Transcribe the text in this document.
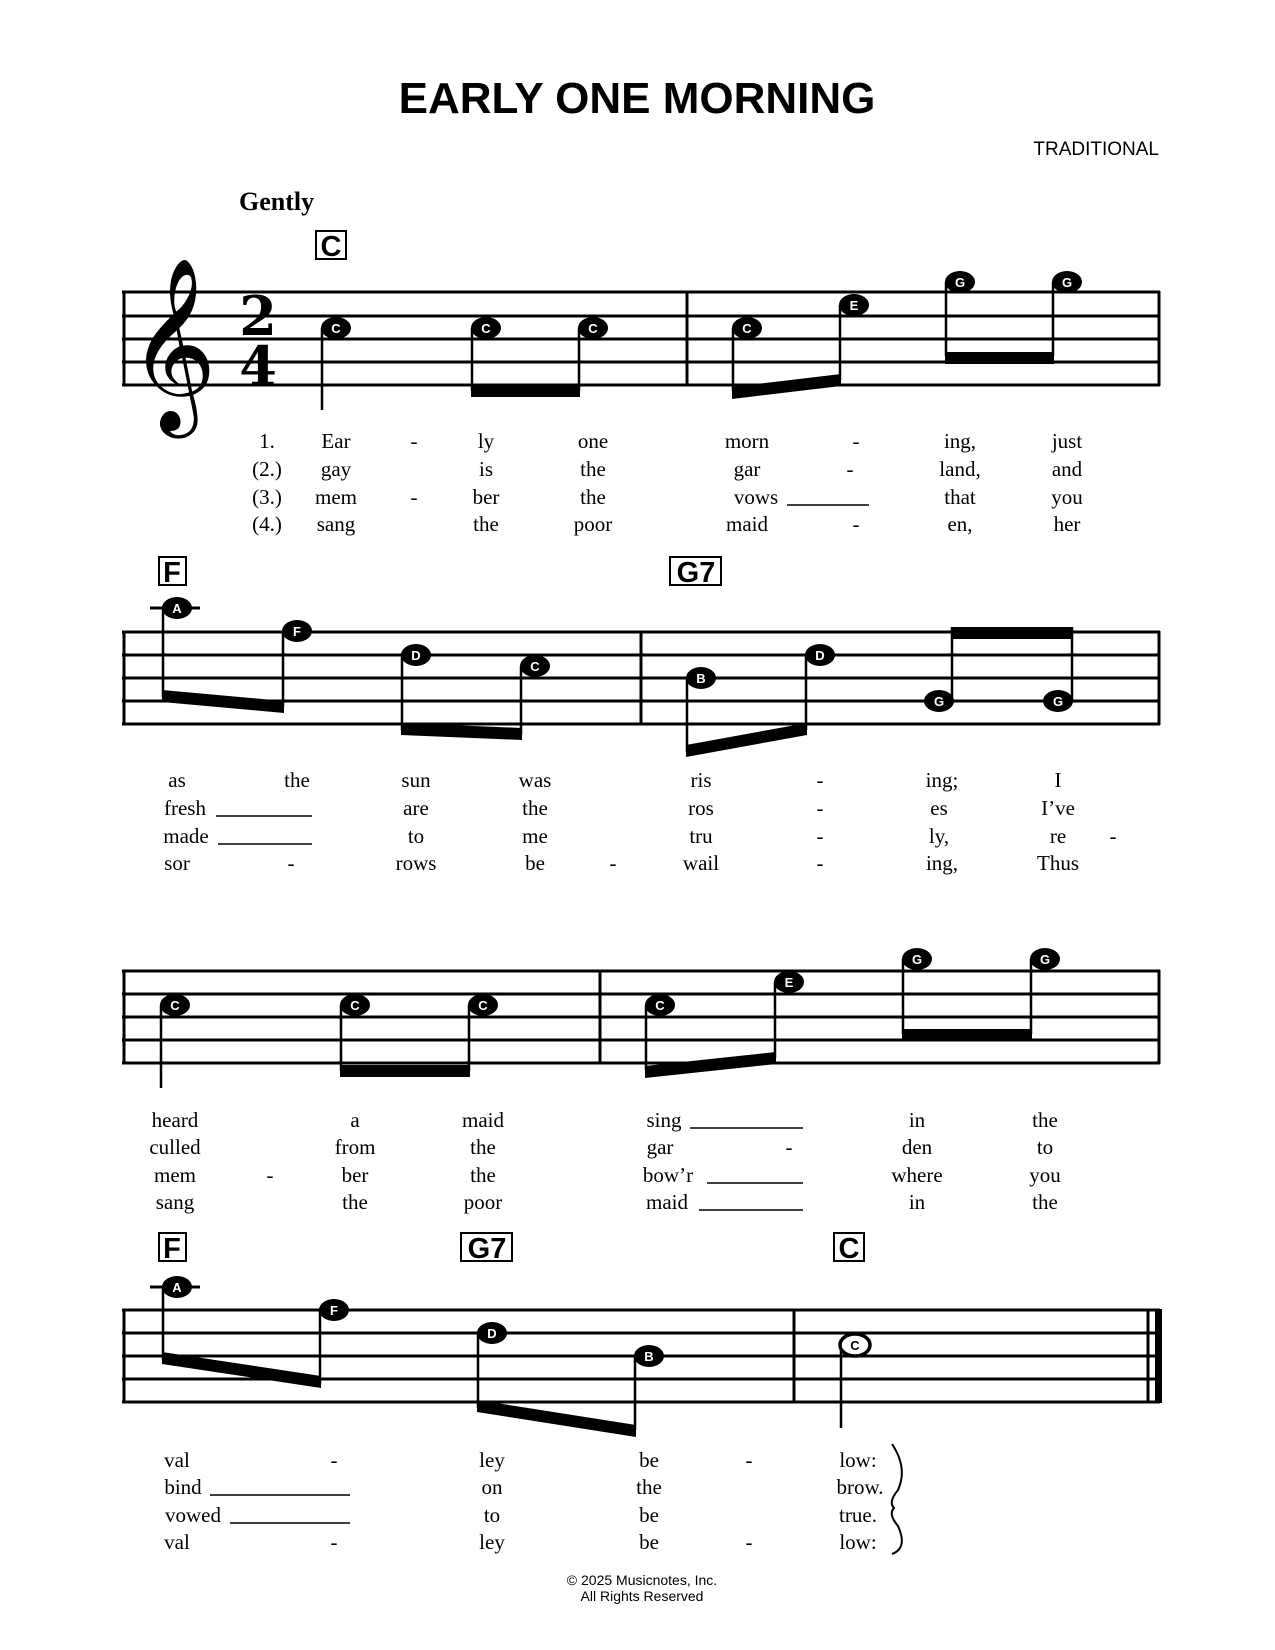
EARLY ONE MORNING
TRADITIONAL
Gently
C
F	G7
F	G7	C
𝄞 2
4
C	C	C	C
E
G	G
1.
(2.)
(3.)
(4.)
Ear	-	ly	one	morn	-	ing,	just
gay	is	the	gar	-	land,	and
mem	-	ber	the	vows	that	you
sang	the	poor	maid	-	en,	her
A
F
D
C
B
D
G	G
as	the	sun	was	ris	-	ing;	I
fresh	are	the	ros	-	es	I’ve
made	to	me	tru	-	ly,	re -
sor	-	rows	be	-	wail	-	ing,	Thus
C	C	C	C
E
G	G
heard	a	maid	sing	in	the
culled	from	the	gar	-	den	to
mem	-	ber	the	bow’r	where	you
sang	the	poor	maid	in	the
A
F
D
B
C
val	-	ley	be	-	low:
bind	on	the	brow.
vowed	to	be	true.
val	-	ley	be	-	low:
© 2025 Musicnotes, Inc.
All Rights Reserved
